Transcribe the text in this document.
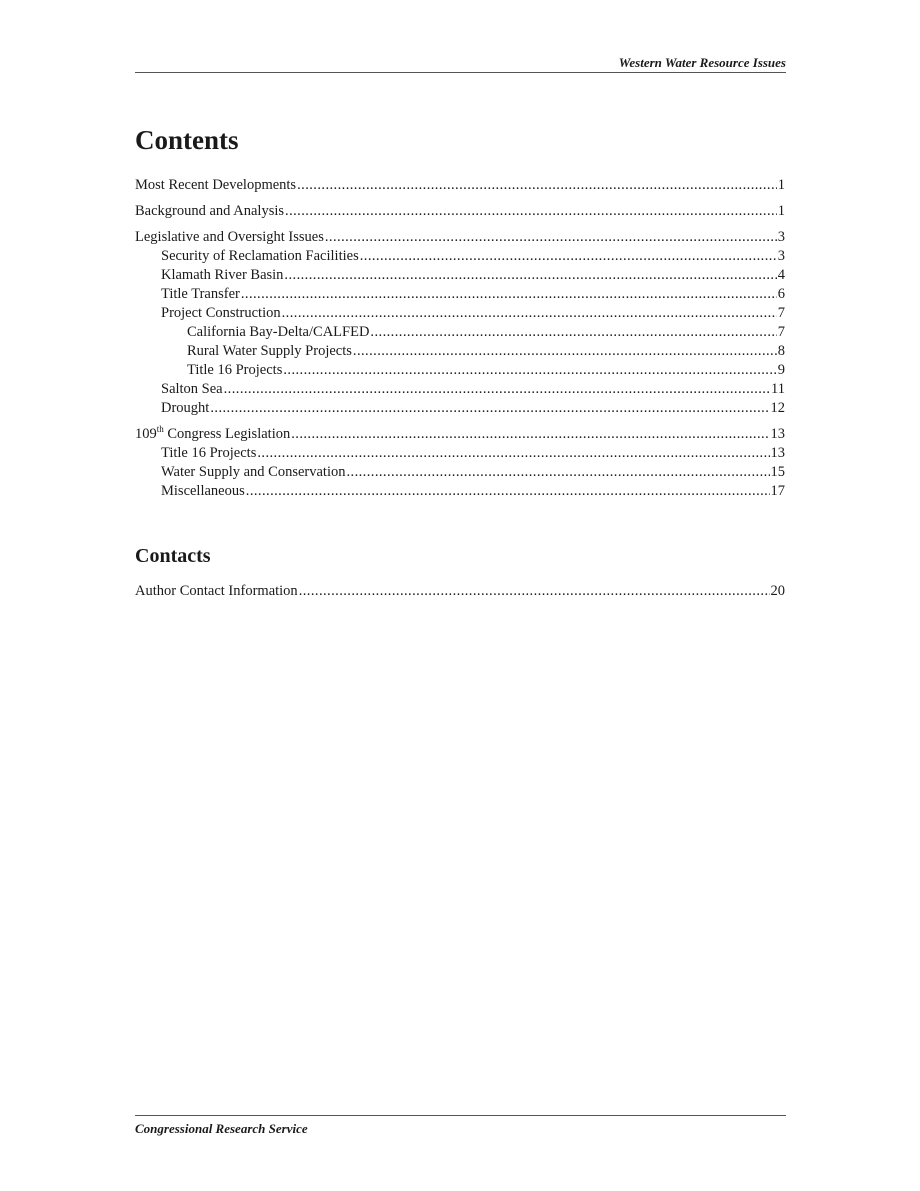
Western Water Resource Issues
Contents
Most Recent Developments . . .	1
Background and Analysis . . .	1
Legislative and Oversight Issues . . .	3
Security of Reclamation Facilities . . .	3
Klamath River Basin . . .	4
Title Transfer . . .	6
Project Construction . . .	7
California Bay-Delta/CALFED . . .	7
Rural Water Supply Projects . . .	8
Title 16 Projects . . .	9
Salton Sea . . .	11
Drought . . .	12
109th Congress Legislation . . .	13
Title 16 Projects . . .	13
Water Supply and Conservation . . .	15
Miscellaneous . . .	17
Contacts
Author Contact Information . . .	20
Congressional Research Service
